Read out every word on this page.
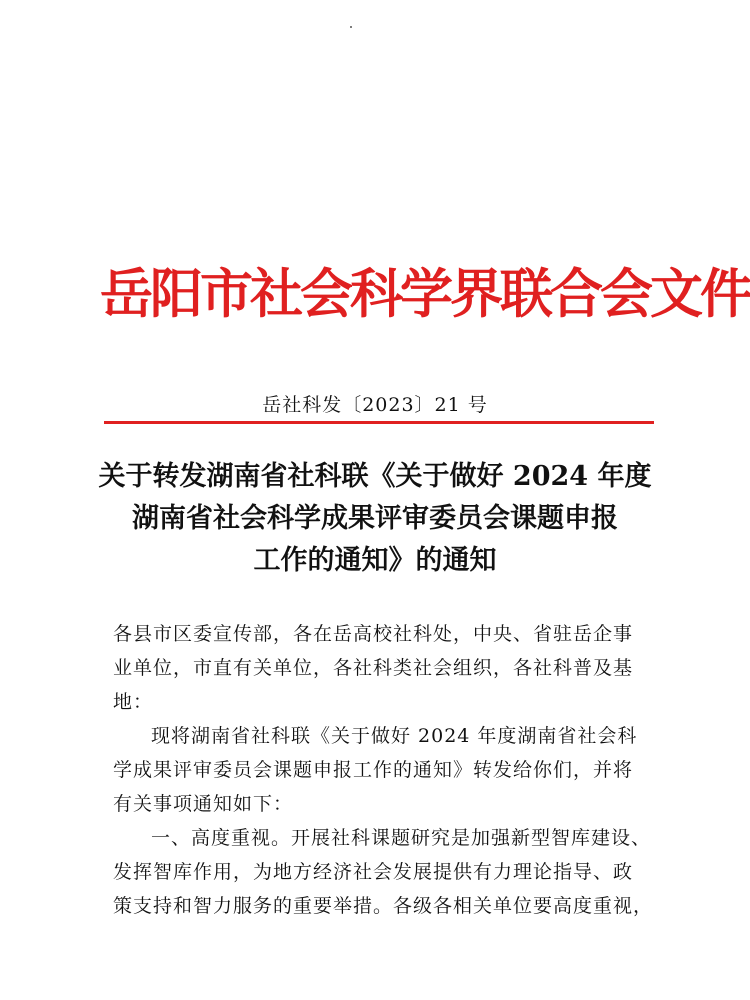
岳阳市社会科学界联合会文件
岳社科发〔2023〕21 号
关于转发湖南省社科联《关于做好 2024 年度
湖南省社会科学成果评审委员会课题申报
工作的通知》的通知
各县市区委宣传部，各在岳高校社科处，中央、省驻岳企事
业单位，市直有关单位，各社科类社会组织，各社科普及基
地：
现将湖南省社科联《关于做好 2024 年度湖南省社会科
学成果评审委员会课题申报工作的通知》转发给你们，并将
有关事项通知如下：
一、高度重视。开展社科课题研究是加强新型智库建设、
发挥智库作用，为地方经济社会发展提供有力理论指导、政
策支持和智力服务的重要举措。各级各相关单位要高度重视，
